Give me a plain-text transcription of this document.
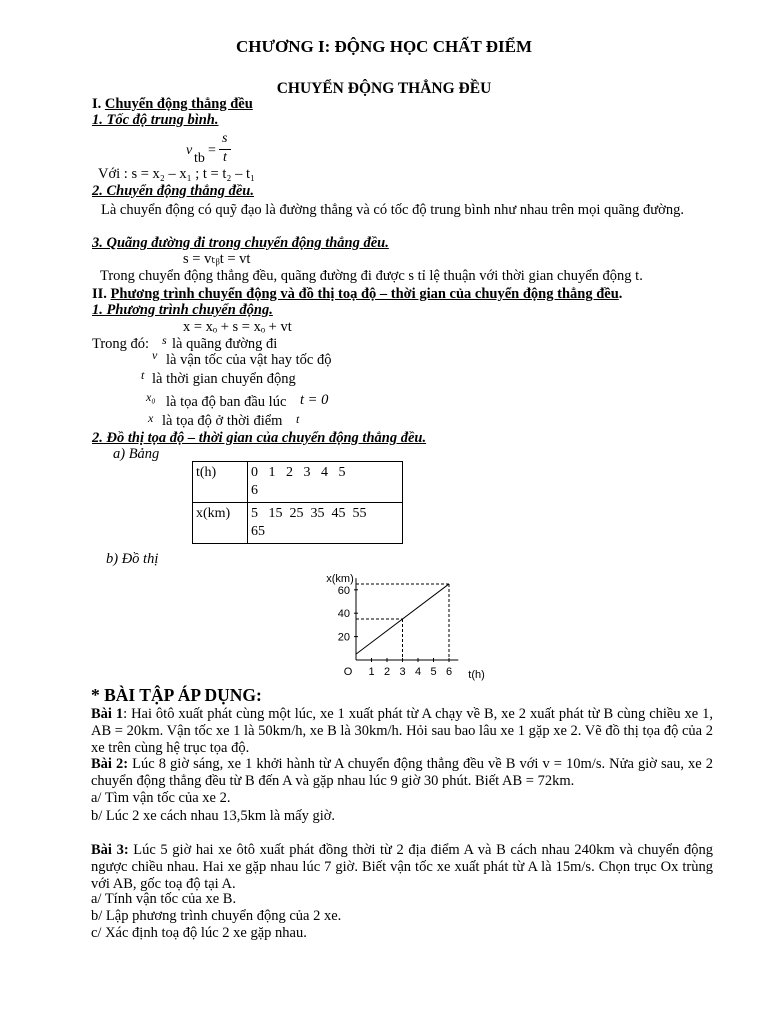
CHƯƠNG I: ĐỘNG HỌC CHẤT ĐIỂM
CHUYỂN ĐỘNG THẲNG ĐỀU
I. Chuyển động thẳng đều
1. Tốc độ trung bình.
v
tb
=
s
t
Với : s = x₂ – x₁ ; t = t₂ – t₁
2. Chuyển động thẳng đều.
Là chuyển động có quỹ đạo là đường thẳng và có tốc độ trung bình như nhau trên mọi quãng đường.
3. Quãng đường đi trong chuyển động thẳng đều.
s = vₜᵦt = vt
Trong chuyển động thẳng đều, quãng đường đi được s tỉ lệ thuận với thời gian chuyển động t.
II. Phương trình chuyển động và đồ thị toạ độ – thời gian của chuyển động thẳng đều.
1. Phương trình chuyển động.
x = xₒ + s = xₒ + vt
Trong đó: s là quãng đường đi
v là vận tốc của vật hay tốc độ
t là thời gian chuyển động
x₀ là tọa độ ban đầu lúc t = 0
x là tọa độ ở thời điểm t
2. Đồ thị tọa độ – thời gian của chuyển động thẳng đều.
a) Bảng
t(h)	0   1   2   3   4   5
6

x(km)	5   15  25  35  45  55
65
b) Đồ thị
O 1 2 3 4 5 6
20
40
60
x(km)
t(h)
* BÀI TẬP ÁP DỤNG:
Bài 1: Hai ôtô xuất phát cùng một lúc, xe 1 xuất phát từ A chạy về B, xe 2 xuất phát từ B cùng chiều xe 1, AB = 20km. Vận tốc xe 1 là 50km/h, xe B là 30km/h. Hỏi sau bao lâu xe 1 gặp xe 2. Vẽ đồ thị tọa độ của 2 xe trên cùng hệ trục tọa độ.
Bài 2: Lúc 8 giờ sáng, xe 1 khởi hành từ A chuyển động thẳng đều về B với v = 10m/s. Nửa giờ sau, xe 2 chuyển động thẳng đều từ B đến A và gặp nhau lúc 9 giờ 30 phút. Biết AB = 72km.
a/ Tìm vận tốc của xe 2.
b/ Lúc 2 xe cách nhau 13,5km là mấy giờ.
Bài 3: Lúc 5 giờ hai xe ôtô xuất phát đồng thời từ 2 địa điểm A và B cách nhau 240km và chuyển động ngược chiều nhau. Hai xe gặp nhau lúc 7 giờ. Biết vận tốc xe xuất phát từ A là 15m/s. Chọn trục Ox trùng với AB, gốc toạ độ tại A.
a/ Tính vận tốc của xe B.
b/ Lập phương trình chuyển động của 2 xe.
c/ Xác định toạ độ lúc 2 xe gặp nhau.
